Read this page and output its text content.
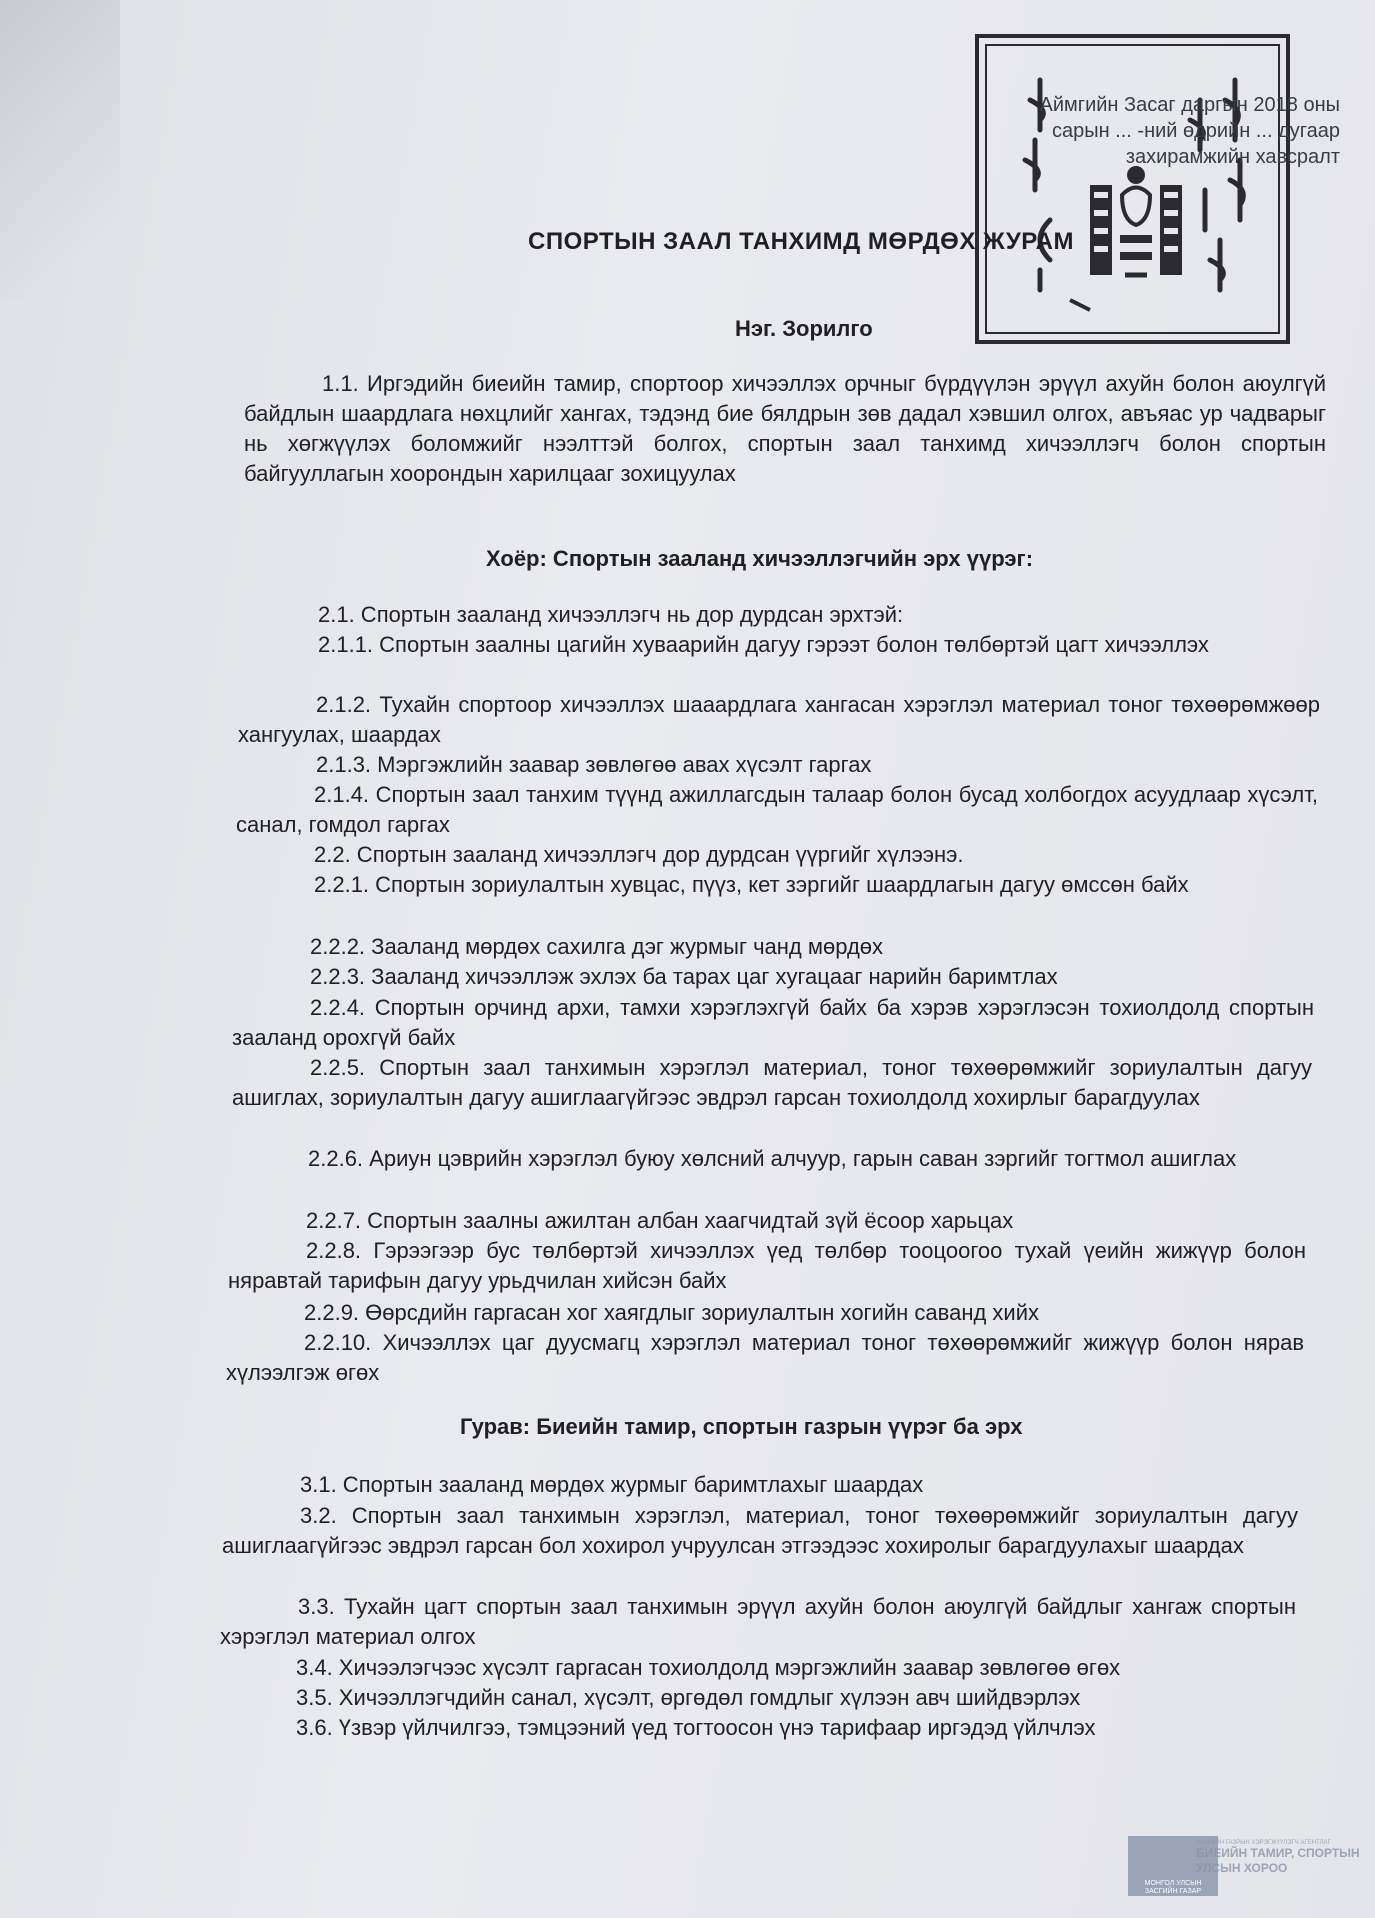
Аймгийн Засаг даргын 2018 оны
сарын ... -ний өдрийн ... дугаар
захирамжийн хавсралт
СПОРТЫН ЗААЛ ТАНХИМД МӨРДӨХ ЖУРАМ
Нэг. Зорилго
1.1. Иргэдийн биеийн тамир, спортоор хичээллэх орчныг бүрдүүлэн эрүүл ахуйн болон аюулгүй байдлын шаардлага нөхцлийг хангах, тэдэнд бие бялдрын зөв дадал хэвшил олгох, авъяас ур чадварыг нь хөгжүүлэх боломжийг нээлттэй болгох, спортын заал танхимд хичээллэгч болон спортын байгууллагын хоорондын харилцааг зохицуулах
Хоёр: Спортын зааланд хичээллэгчийн эрх үүрэг:
2.1. Спортын зааланд хичээллэгч нь дор дурдсан эрхтэй:
2.1.1. Спортын заалны цагийн хуваарийн дагуу гэрээт болон төлбөртэй цагт хичээллэх
2.1.2. Тухайн спортоор хичээллэх шааардлага хангасан хэрэглэл материал тоног төхөөрөмжөөр хангуулах, шаардах
2.1.3. Мэргэжлийн заавар зөвлөгөө авах хүсэлт гаргах
2.1.4. Спортын заал танхим түүнд ажиллагсдын талаар болон бусад холбогдох асуудлаар хүсэлт, санал, гомдол гаргах
2.2. Спортын зааланд хичээллэгч дор дурдсан үүргийг хүлээнэ.
2.2.1. Спортын зориулалтын хувцас, пүүз, кет зэргийг шаардлагын дагуу өмссөн байх
2.2.2. Зааланд мөрдөх сахилга дэг журмыг чанд мөрдөх
2.2.3. Зааланд хичээллэж эхлэх ба тарах цаг хугацааг нарийн баримтлах
2.2.4. Спортын орчинд архи, тамхи хэрэглэхгүй байх ба хэрэв хэрэглэсэн тохиолдолд спортын зааланд орохгүй байх
2.2.5. Спортын заал танхимын хэрэглэл материал, тоног төхөөрөмжийг зориулалтын дагуу ашиглах, зориулалтын дагуу ашиглаагүйгээс эвдрэл гарсан тохиолдолд хохирлыг барагдуулах
2.2.6. Ариун цэврийн хэрэглэл буюу хөлсний алчуур, гарын саван зэргийг тогтмол ашиглах
2.2.7. Спортын заалны ажилтан албан хаагчидтай зүй ёсоор харьцах
2.2.8. Гэрээгээр бус төлбөртэй хичээллэх үед төлбөр тооцоогоо тухай үеийн жижүүр болон няравтай тарифын дагуу урьдчилан хийсэн байх
2.2.9. Өөрсдийн гаргасан хог хаягдлыг зориулалтын хогийн саванд хийх
2.2.10. Хичээллэх цаг дуусмагц хэрэглэл материал тоног төхөөрөмжийг жижүүр болон нярав хүлээлгэж өгөх
Гурав: Биеийн тамир, спортын газрын үүрэг ба эрх
3.1. Спортын зааланд мөрдөх журмыг баримтлахыг шаардах
3.2. Спортын заал танхимын хэрэглэл, материал, тоног төхөөрөмжийг зориулалтын дагуу ашиглаагүйгээс эвдрэл гарсан бол хохирол учруулсан этгээдээс хохиролыг барагдуулахыг шаардах
3.3. Тухайн цагт спортын заал танхимын эрүүл ахуйн болон аюулгүй байдлыг хангаж спортын хэрэглэл материал олгох
3.4. Хичээлэгчээс хүсэлт гаргасан тохиолдолд мэргэжлийн заавар зөвлөгөө өгөх
3.5. Хичээллэгчдийн санал, хүсэлт, өргөдөл гомдлыг хүлээн авч шийдвэрлэх
3.6. Үзвэр үйлчилгээ, тэмцээний үед тогтоосон үнэ тарифаар иргэдэд үйлчлэх
МОНГОЛ УЛСЫН ЗАСГИЙН ГАЗАР
ЗАСГИЙН ГАЗРЫН ХЭРЭГЖҮҮЛЭГЧ АГЕНТЛАГ
БИЕИЙН ТАМИР, СПОРТЫН
УЛСЫН ХОРОО
